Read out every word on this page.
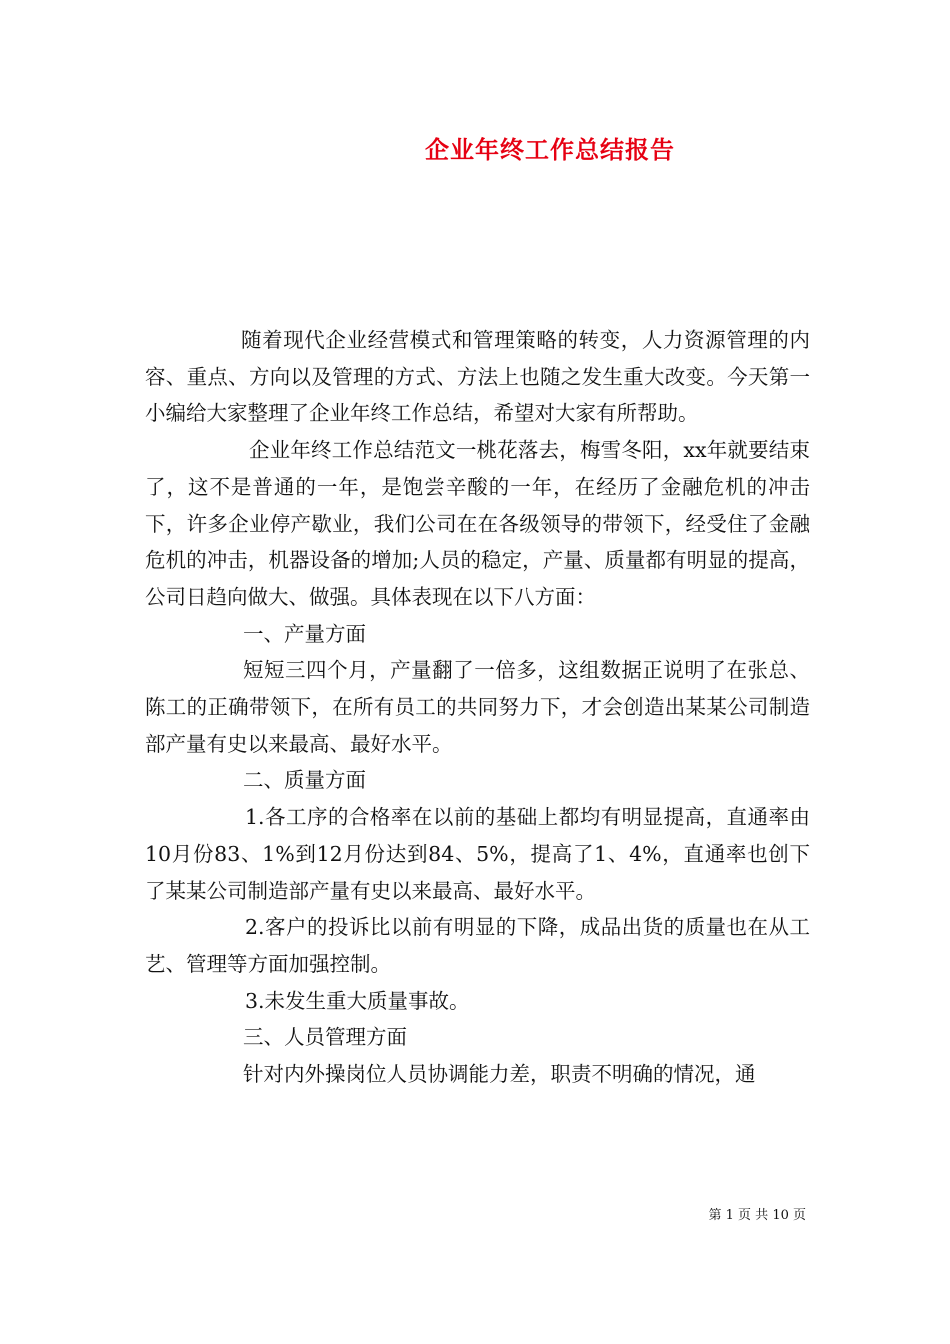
企业年终工作总结报告

随着现代企业经营模式和管理策略的转变，人力资源管理的内容、重点、方向以及管理的方式、方法上也随之发生重大改变。今天第一小编给大家整理了企业年终工作总结，希望对大家有所帮助。

企业年终工作总结范文一桃花落去，梅雪冬阳，xx年就要结束了，这不是普通的一年，是饱尝辛酸的一年，在经历了金融危机的冲击下，许多企业停产歇业，我们公司在在各级领导的带领下，经受住了金融危机的冲击，机器设备的增加;人员的稳定，产量、质量都有明显的提高，公司日趋向做大、做强。具体表现在以下八方面：

一、产量方面

短短三四个月，产量翻了一倍多，这组数据正说明了在张总、陈工的正确带领下，在所有员工的共同努力下，才会创造出某某公司制造部产量有史以来最高、最好水平。

二、质量方面

1.各工序的合格率在以前的基础上都均有明显提高，直通率由10月份83、1%到12月份达到84、5%，提高了1、4%，直通率也创下了某某公司制造部产量有史以来最高、最好水平。

2.客户的投诉比以前有明显的下降，成品出货的质量也在从工艺、管理等方面加强控制。

3.未发生重大质量事故。

三、人员管理方面

针对内外操岗位人员协调能力差，职责不明确的情况，通

第 1 页 共 10 页
